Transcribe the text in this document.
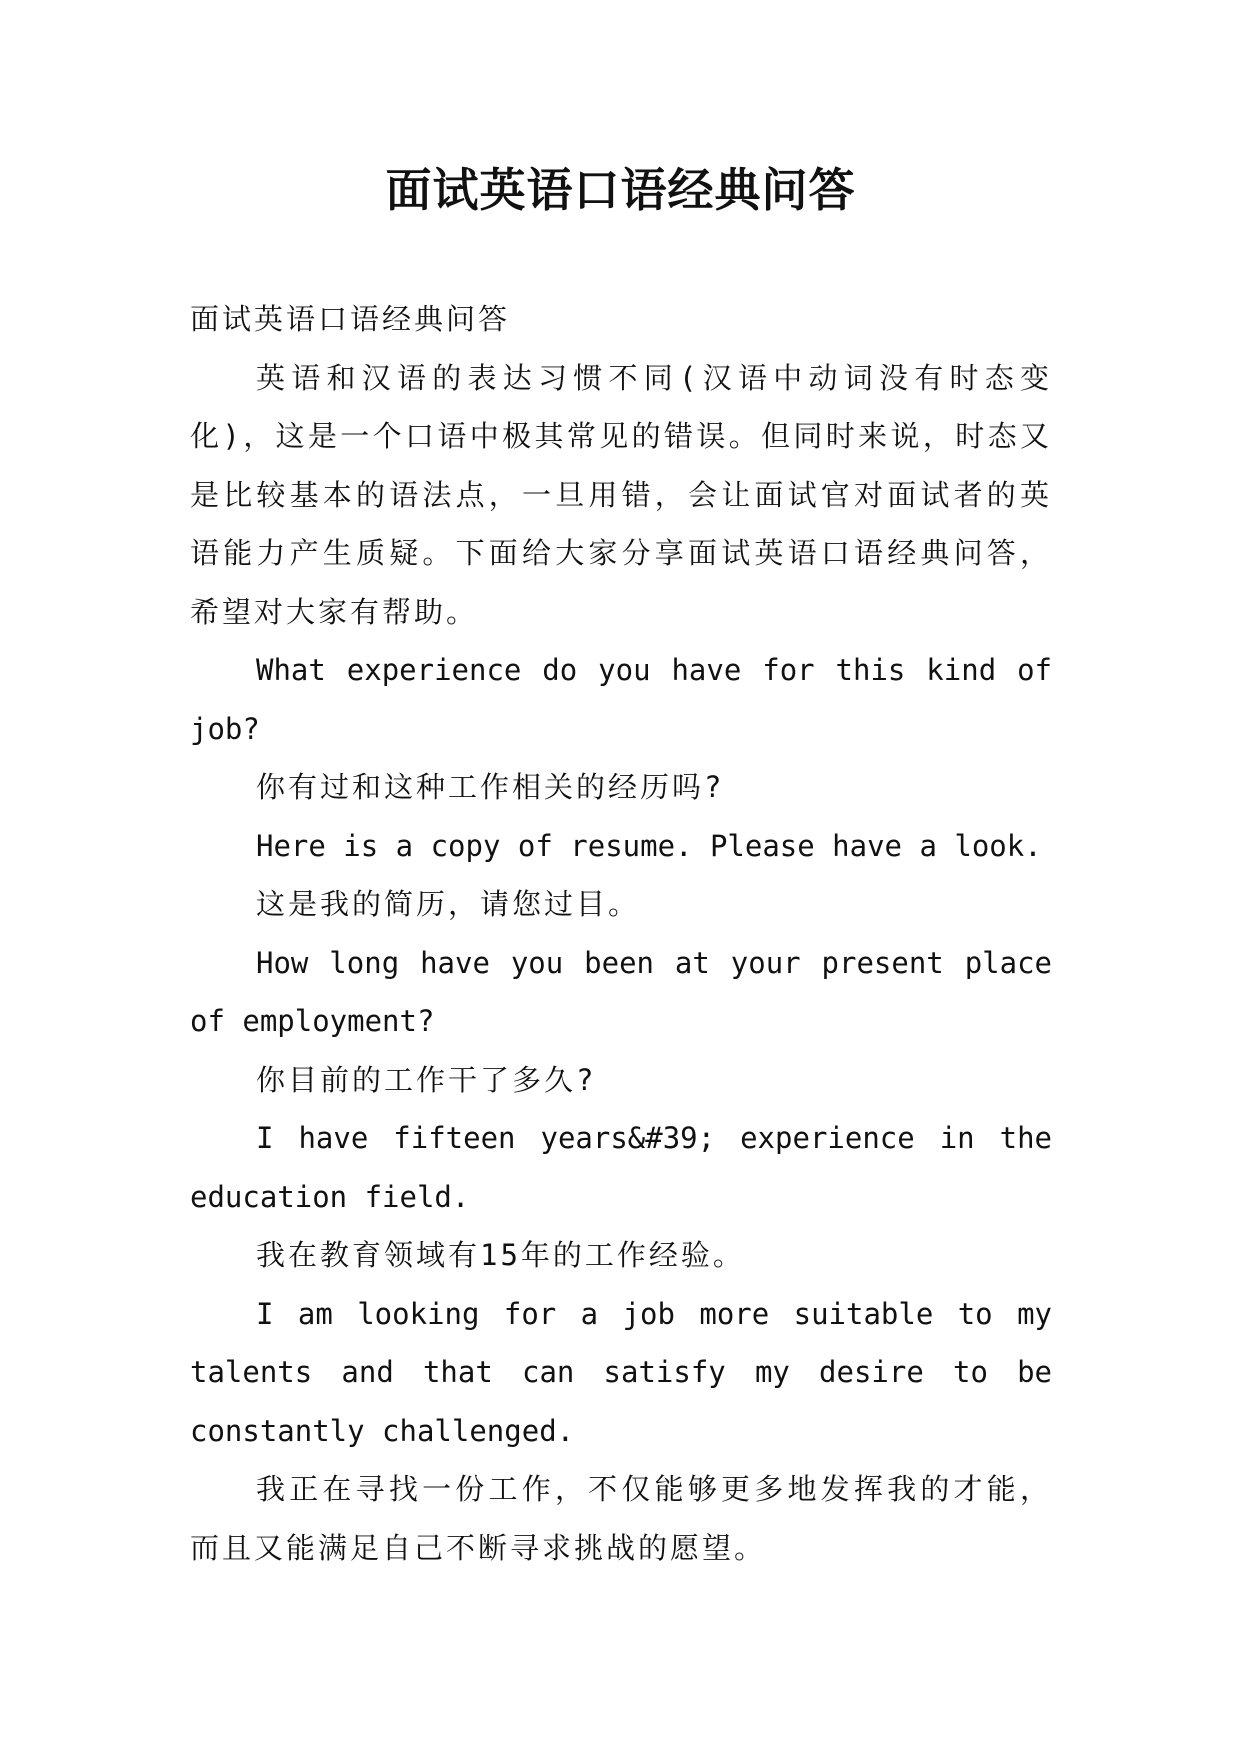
面试英语口语经典问答

面试英语口语经典问答

英语和汉语的表达习惯不同(汉语中动词没有时态变化)，这是一个口语中极其常见的错误。但同时来说，时态又是比较基本的语法点，一旦用错，会让面试官对面试者的英语能力产生质疑。下面给大家分享面试英语口语经典问答，希望对大家有帮助。

What experience do you have for this kind of job?

你有过和这种工作相关的经历吗?

Here is a copy of resume. Please have a look.

这是我的简历，请您过目。

How long have you been at your present place of employment?

你目前的工作干了多久?

I have fifteen years&#39; experience in the education field.

我在教育领域有15年的工作经验。

I am looking for a job more suitable to my talents and that can satisfy my desire to be constantly challenged.

我正在寻找一份工作，不仅能够更多地发挥我的才能，而且又能满足自己不断寻求挑战的愿望。
